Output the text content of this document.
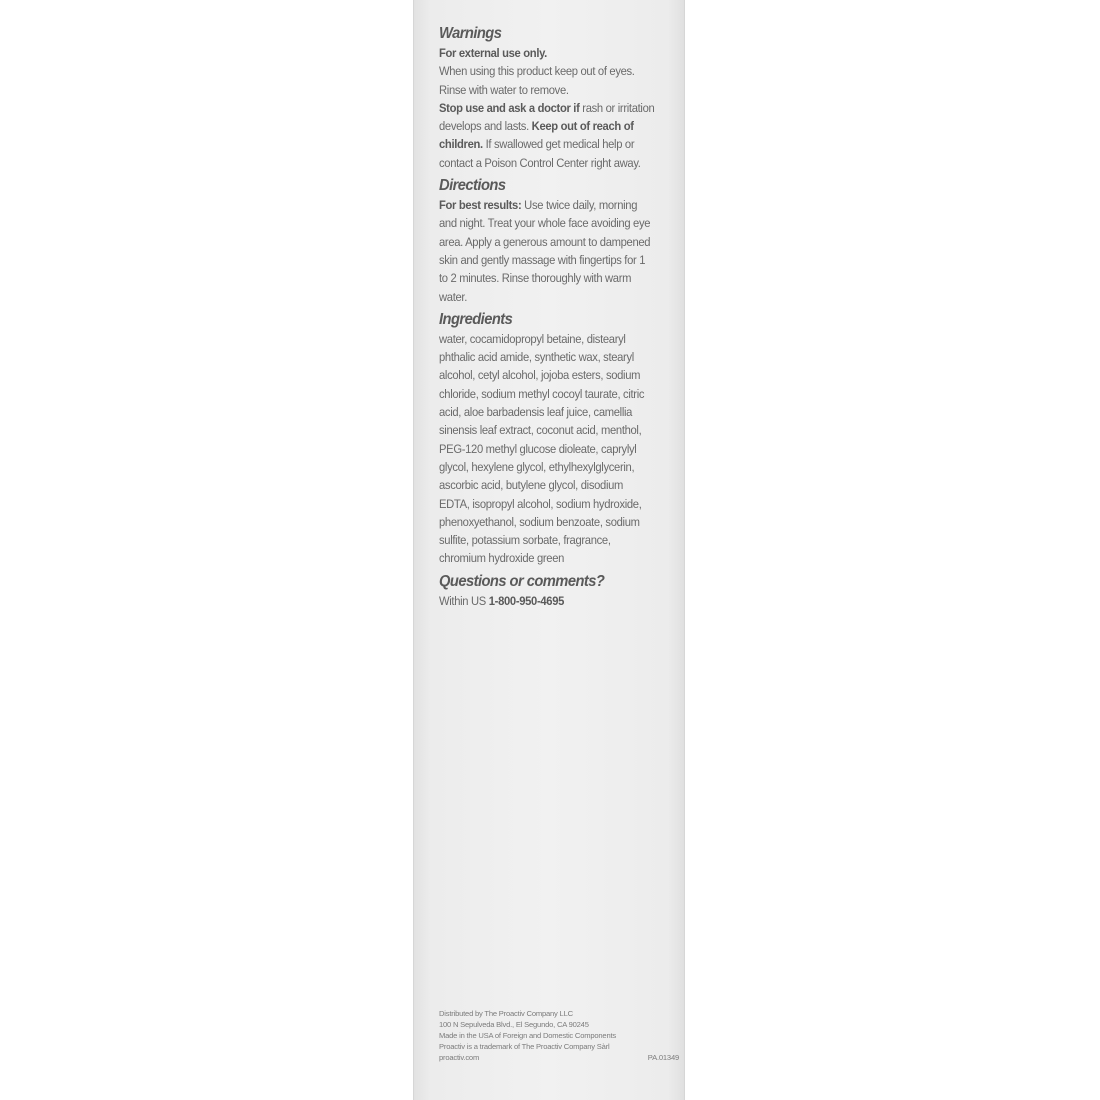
Warnings

For external use only.

When using this product keep out of eyes. Rinse with water to remove.

Stop use and ask a doctor if rash or irritation develops and lasts. Keep out of reach of children. If swallowed get medical help or contact a Poison Control Center right away.

Directions

For best results: Use twice daily, morning and night. Treat your whole face avoiding eye area. Apply a generous amount to dampened skin and gently massage with fingertips for 1 to 2 minutes. Rinse thoroughly with warm water.

Ingredients

water, cocamidopropyl betaine, distearyl phthalic acid amide, synthetic wax, stearyl alcohol, cetyl alcohol, jojoba esters, sodium chloride, sodium methyl cocoyl taurate, citric acid, aloe barbadensis leaf juice, camellia sinensis leaf extract, coconut acid, menthol, PEG-120 methyl glucose dioleate, caprylyl glycol, hexylene glycol, ethylhexylglycerin, ascorbic acid, butylene glycol, disodium EDTA, isopropyl alcohol, sodium hydroxide, phenoxyethanol, sodium benzoate, sodium sulfite, potassium sorbate, fragrance, chromium hydroxide green

Questions or comments?

Within US 1-800-950-4695

Distributed by The Proactiv Company LLC
100 N Sepulveda Blvd., El Segundo, CA 90245
Made in the USA of Foreign and Domestic Components
Proactiv is a trademark of The Proactiv Company Sàrl
proactiv.com	PA.01349
